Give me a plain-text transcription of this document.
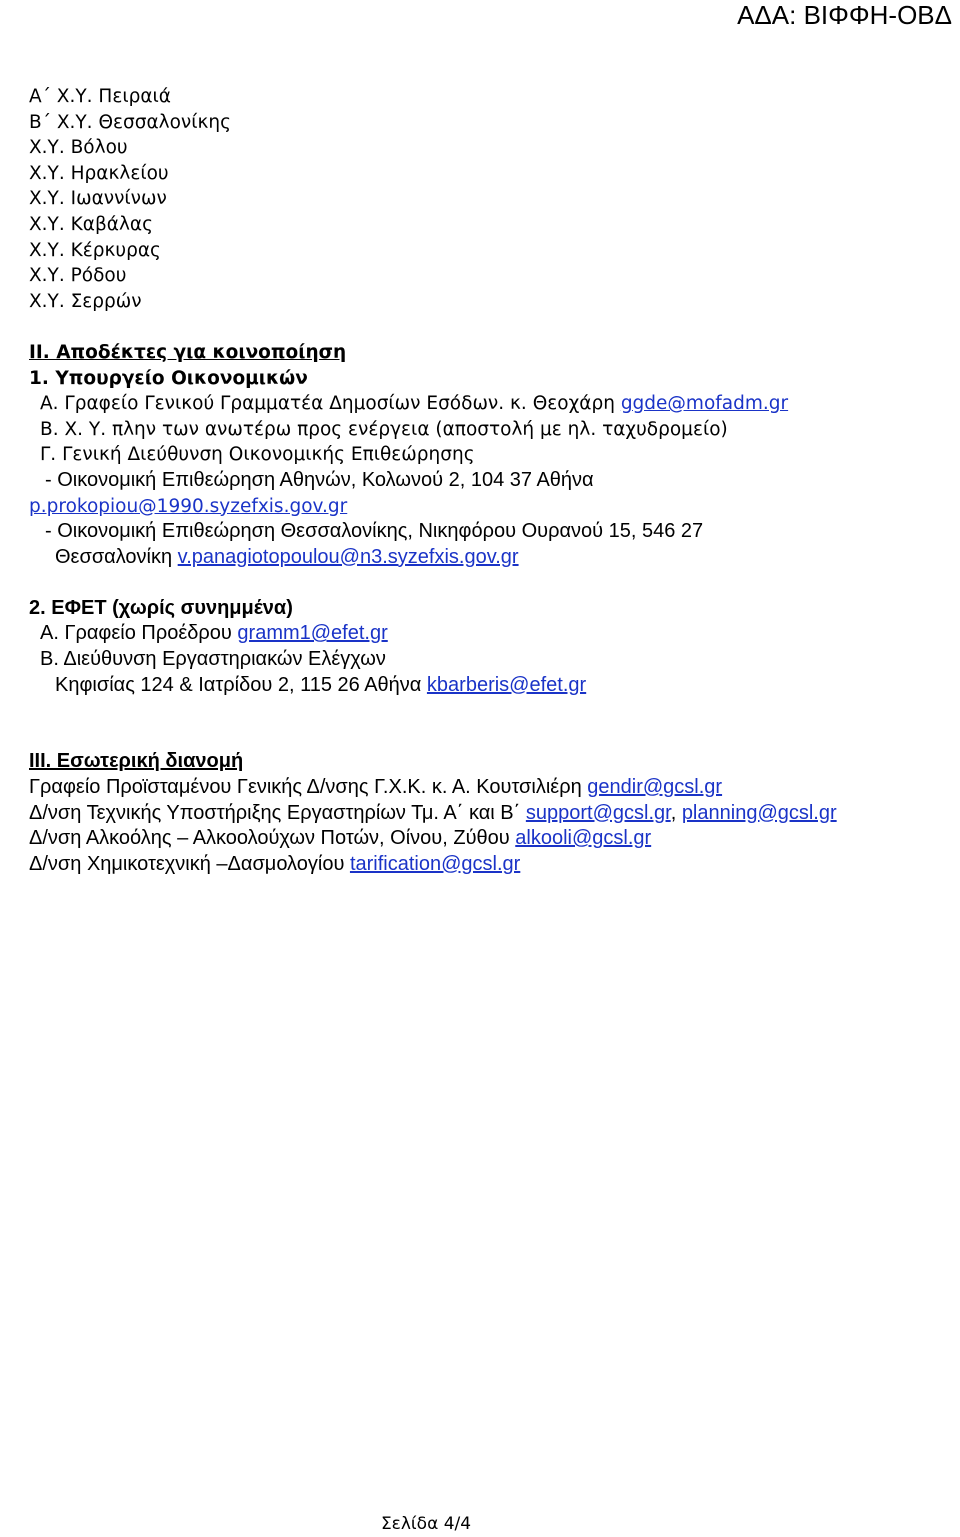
ΑΔΑ: ΒΙΦΦΗ-ΟΒΔ
Α΄ Χ.Υ. Πειραιά
Β΄ Χ.Υ. Θεσσαλονίκης
Χ.Υ. Βόλου
Χ.Υ. Ηρακλείου
Χ.Υ. Ιωαννίνων
Χ.Υ. Καβάλας
Χ.Υ. Κέρκυρας
Χ.Υ. Ρόδου
Χ.Υ. Σερρών
ΙΙ. Αποδέκτες για κοινοποίηση
1. Υπουργείο Οικονομικών
Α. Γραφείο Γενικού Γραμματέα Δημοσίων Εσόδων. κ. Θεοχάρη ggde@mofadm.gr
Β. Χ. Υ. πλην των ανωτέρω προς ενέργεια (αποστολή με ηλ. ταχυδρομείο)
Γ. Γενική Διεύθυνση Οικονομικής Επιθεώρησης
- Οικονομική Επιθεώρηση Αθηνών, Κολωνού 2, 104 37 Αθήνα
p.prokopiou@1990.syzefxis.gov.gr
- Οικονομική Επιθεώρηση Θεσσαλονίκης, Νικηφόρου Ουρανού 15, 546 27
Θεσσαλονίκη v.panagiotopoulou@n3.syzefxis.gov.gr
2. ΕΦΕΤ (χωρίς συνημμένα)
Α. Γραφείο Προέδρου gramm1@efet.gr
Β. Διεύθυνση Εργαστηριακών Ελέγχων
Κηφισίας 124 & Ιατρίδου 2, 115 26 Αθήνα kbarberis@efet.gr
ΙΙΙ. Εσωτερική διανομή
Γραφείο Προϊσταμένου Γενικής Δ/νσης Γ.Χ.Κ. κ. Α. Κουτσιλιέρη gendir@gcsl.gr
Δ/νση Τεχνικής Υποστήριξης Εργαστηρίων Τμ. Α΄ και Β΄ support@gcsl.gr, planning@gcsl.gr
Δ/νση Αλκοόλης – Αλκοολούχων Ποτών, Οίνου, Ζύθου alkooli@gcsl.gr
Δ/νση Χημικοτεχνική –Δασμολογίου tarification@gcsl.gr
Σελίδα 4/4
